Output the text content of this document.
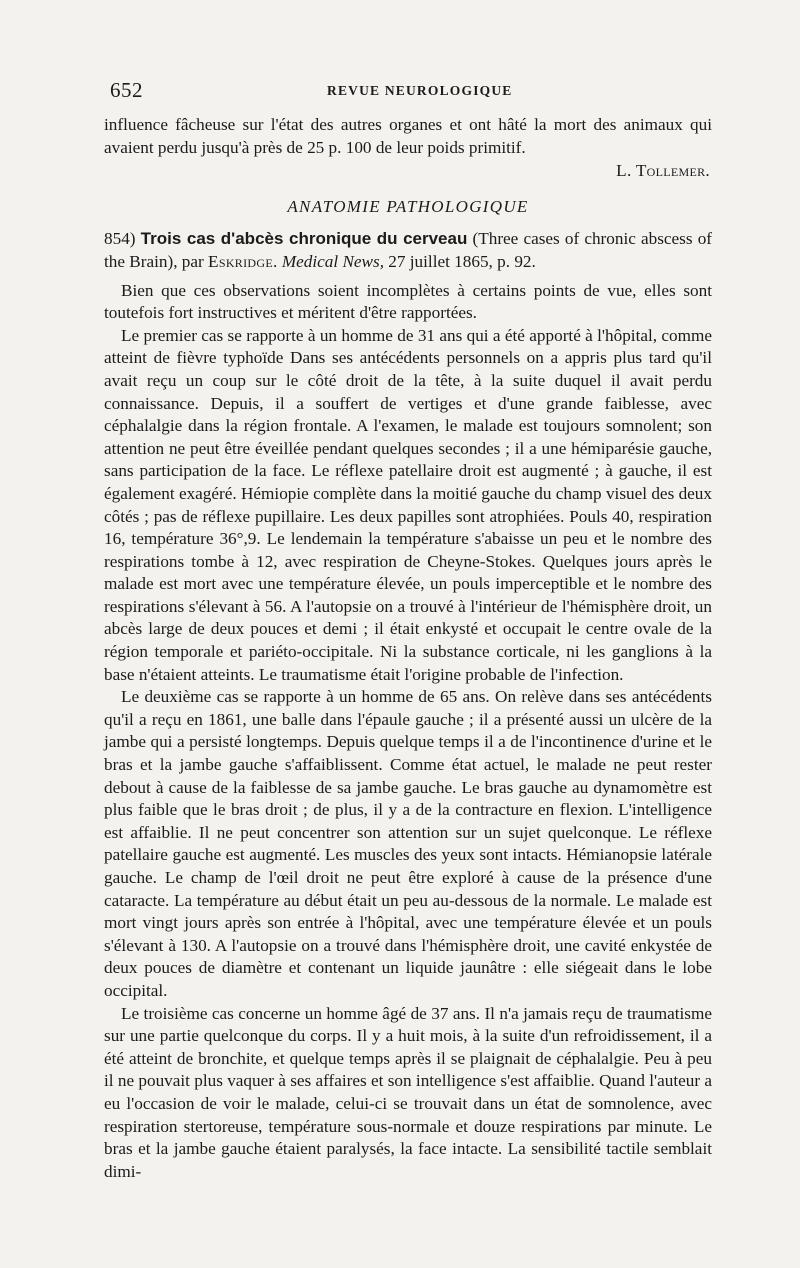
652	REVUE NEUROLOGIQUE

influence fâcheuse sur l'état des autres organes et ont hâté la mort des animaux qui avaient perdu jusqu'à près de 25 p. 100 de leur poids primitif.

L. Tollemer.

ANATOMIE PATHOLOGIQUE

854) Trois cas d'abcès chronique du cerveau (Three cases of chronic abscess of the Brain), par Eskridge. Medical News, 27 juillet 1865, p. 92.

Bien que ces observations soient incomplètes à certains points de vue, elles sont toutefois fort instructives et méritent d'être rapportées.

Le premier cas se rapporte à un homme de 31 ans qui a été apporté à l'hôpital, comme atteint de fièvre typhoïde Dans ses antécédents personnels on a appris plus tard qu'il avait reçu un coup sur le côté droit de la tête, à la suite duquel il avait perdu connaissance. Depuis, il a souffert de vertiges et d'une grande faiblesse, avec céphalalgie dans la région frontale. A l'examen, le malade est toujours somnolent; son attention ne peut être éveillée pendant quelques secondes ; il a une hémiparésie gauche, sans participation de la face. Le réflexe patellaire droit est augmenté ; à gauche, il est également exagéré. Hémiopie complète dans la moitié gauche du champ visuel des deux côtés ; pas de réflexe pupillaire. Les deux papilles sont atrophiées. Pouls 40, respiration 16, température 36°,9. Le lendemain la température s'abaisse un peu et le nombre des respirations tombe à 12, avec respiration de Cheyne-Stokes. Quelques jours après le malade est mort avec une température élevée, un pouls imperceptible et le nombre des respirations s'élevant à 56. A l'autopsie on a trouvé à l'intérieur de l'hémisphère droit, un abcès large de deux pouces et demi ; il était enkysté et occupait le centre ovale de la région temporale et pariéto-occipitale. Ni la substance corticale, ni les ganglions à la base n'étaient atteints. Le traumatisme était l'origine probable de l'infection.

Le deuxième cas se rapporte à un homme de 65 ans. On relève dans ses antécédents qu'il a reçu en 1861, une balle dans l'épaule gauche ; il a présenté aussi un ulcère de la jambe qui a persisté longtemps. Depuis quelque temps il a de l'incontinence d'urine et le bras et la jambe gauche s'affaiblissent. Comme état actuel, le malade ne peut rester debout à cause de la faiblesse de sa jambe gauche. Le bras gauche au dynamomètre est plus faible que le bras droit ; de plus, il y a de la contracture en flexion. L'intelligence est affaiblie. Il ne peut concentrer son attention sur un sujet quelconque. Le réflexe patellaire gauche est augmenté. Les muscles des yeux sont intacts. Hémianopsie latérale gauche. Le champ de l'œil droit ne peut être exploré à cause de la présence d'une cataracte. La température au début était un peu au-dessous de la normale. Le malade est mort vingt jours après son entrée à l'hôpital, avec une température élevée et un pouls s'élevant à 130. A l'autopsie on a trouvé dans l'hémisphère droit, une cavité enkystée de deux pouces de diamètre et contenant un liquide jaunâtre : elle siégeait dans le lobe occipital.

Le troisième cas concerne un homme âgé de 37 ans. Il n'a jamais reçu de traumatisme sur une partie quelconque du corps. Il y a huit mois, à la suite d'un refroidissement, il a été atteint de bronchite, et quelque temps après il se plaignait de céphalalgie. Peu à peu il ne pouvait plus vaquer à ses affaires et son intelligence s'est affaiblie. Quand l'auteur a eu l'occasion de voir le malade, celui-ci se trouvait dans un état de somnolence, avec respiration stertoreuse, température sous-normale et douze respirations par minute. Le bras et la jambe gauche étaient paralysés, la face intacte. La sensibilité tactile semblait dimi-
